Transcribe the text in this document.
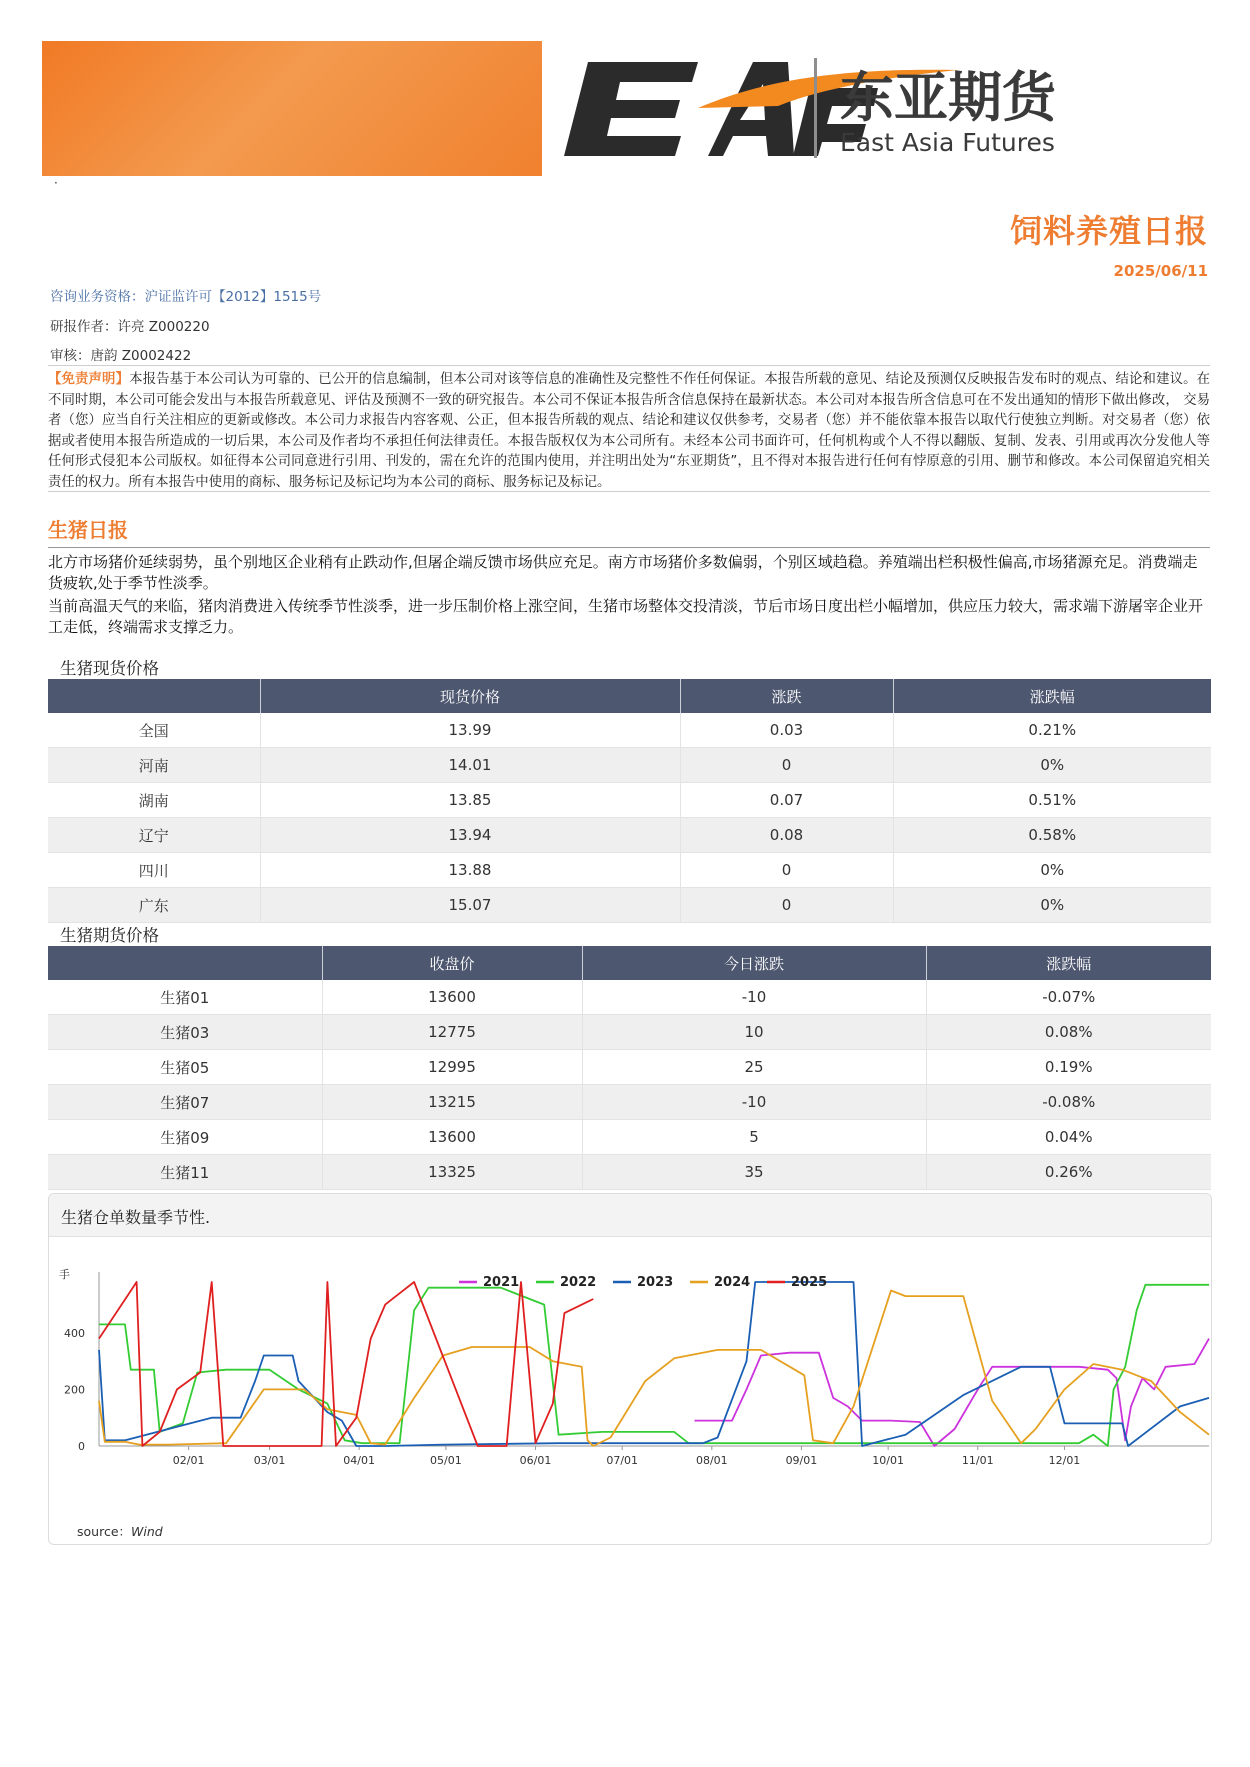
东亚期货
East Asia Futures
·
饲料养殖日报
2025/06/11
咨询业务资格：沪证监许可【2012】1515号
研报作者：许亮 Z000220
审核：唐韵 Z0002422
【免责声明】本报告基于本公司认为可靠的、已公开的信息编制，但本公司对该等信息的准确性及完整性不作任何保证。本报告所载的意见、结论及预测仅反映报告发布时的观点、结论和建议。在不同时期，本公司可能会发出与本报告所载意见、评估及预测不一致的研究报告。本公司不保证本报告所含信息保持在最新状态。本公司对本报告所含信息可在不发出通知的情形下做出修改， 交易者（您）应当自行关注相应的更新或修改。本公司力求报告内容客观、公正，但本报告所载的观点、结论和建议仅供参考，交易者（您）并不能依靠本报告以取代行使独立判断。对交易者（您）依据或者使用本报告所造成的一切后果，本公司及作者均不承担任何法律责任。本报告版权仅为本公司所有。未经本公司书面许可，任何机构或个人不得以翻版、复制、发表、引用或再次分发他人等任何形式侵犯本公司版权。如征得本公司同意进行引用、刊发的，需在允许的范围内使用，并注明出处为“东亚期货”，且不得对本报告进行任何有悖原意的引用、删节和修改。本公司保留追究相关责任的权力。所有本报告中使用的商标、服务标记及标记均为本公司的商标、服务标记及标记。
生猪日报
北方市场猪价延续弱势，虽个别地区企业稍有止跌动作,但屠企端反馈市场供应充足。南方市场猪价多数偏弱，个别区域趋稳。养殖端出栏积极性偏高,市场猪源充足。消费端走货疲软,处于季节性淡季。
当前高温天气的来临，猪肉消费进入传统季节性淡季，进一步压制价格上涨空间，生猪市场整体交投清淡，节后市场日度出栏小幅增加，供应压力较大，需求端下游屠宰企业开工走低，终端需求支撑乏力。
生猪现货价格
	现货价格	涨跌	涨跌幅
全国	13.99	0.03	0.21%
河南	14.01	0	0%
湖南	13.85	0.07	0.51%
辽宁	13.94	0.08	0.58%
四川	13.88	0	0%
广东	15.07	0	0%
生猪期货价格
	收盘价	今日涨跌	涨跌幅
生猪01	13600	-10	-0.07%
生猪03	12775	10	0.08%
生猪05	12995	25	0.19%
生猪07	13215	-10	-0.08%
生猪09	13600	5	0.04%
生猪11	13325	35	0.26%
生猪仓单数量季节性.
手
0
200
400
02/01	03/01	04/01	05/01	06/01	07/01	08/01	09/01	10/01	11/01	12/01
2021	2022	2023	2024	2025
source：Wind
